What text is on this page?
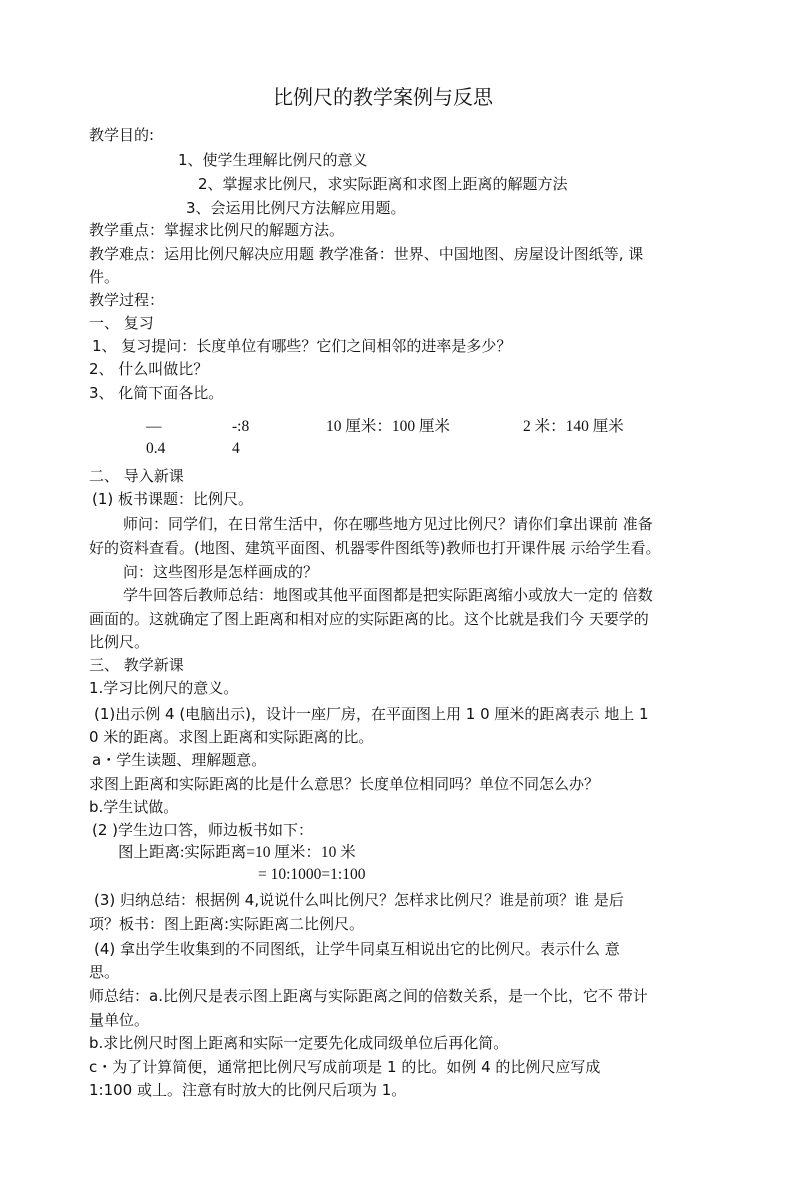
比例尺的教学案例与反思
教学目的:
1、使学生理解比例尺的意义
2、掌握求比例尺，求实际距离和求图上距离的解题方法
3、会运用比例尺方法解应用题。
教学重点：掌握求比例尺的解题方法。
教学难点：运用比例尺解决应用题 教学准备：世界、中国地图、房屋设计图纸等, 课
件。
教学过程：
一、 复习
1、 复习提问：长度单位有哪些？它们之间相邻的进率是多少？
2、 什么叫做比？
3、 化简下面各比。
—	-:8	10 厘米：100 厘米	2 米：140 厘米
0.4	4
二、 导入新课
(1) 板书课题：比例尺。
师问：同学们，在日常生活中，你在哪些地方见过比例尺？请你们拿出课前 准备
好的资料查看。(地图、建筑平面图、机器零件图纸等)教师也打开课件展 示给学生看。
问：这些图形是怎样画成的？
学牛回答后教师总结：地图或其他平面图都是把实际距离缩小或放大一定的 倍数
画面的。这就确定了图上距离和相对应的实际距离的比。这个比就是我们今 天要学的
比例尺。
三、 教学新课
1.学习比例尺的意义。
(1)出示例 4 (电脑出示)，设计一座厂房，在平面图上用 1 0 厘米的距离表示 地上 1
0 米的距离。求图上距离和实际距离的比。
a・学生读题、理解题意。
求图上距离和实际距离的比是什么意思？长度单位相同吗？单位不同怎么办？
b.学生试做。
(2 )学生边口答，师边板书如下：
图上距离:实际距离=10 厘米：10 米
= 10:1000=1:100
(3) 归纳总结：根据例 4,说说什么叫比例尺？怎样求比例尺？谁是前项？谁 是后
项？板书：图上距离:实际距离二比例尺。
(4) 拿出学生收集到的不同图纸，让学牛同桌互相说出它的比例尺。表示什么 意
思。
师总结：a.比例尺是表示图上距离与实际距离之间的倍数关系，是一个比，它不 带计
量单位。
b.求比例尺时图上距离和实际一定要先化成同级单位后再化简。
c・为了计算简便，通常把比例尺写成前项是 1 的比。如例 4 的比例尺应写成
1:100 或丄。注意有时放大的比例尺后项为 1。
